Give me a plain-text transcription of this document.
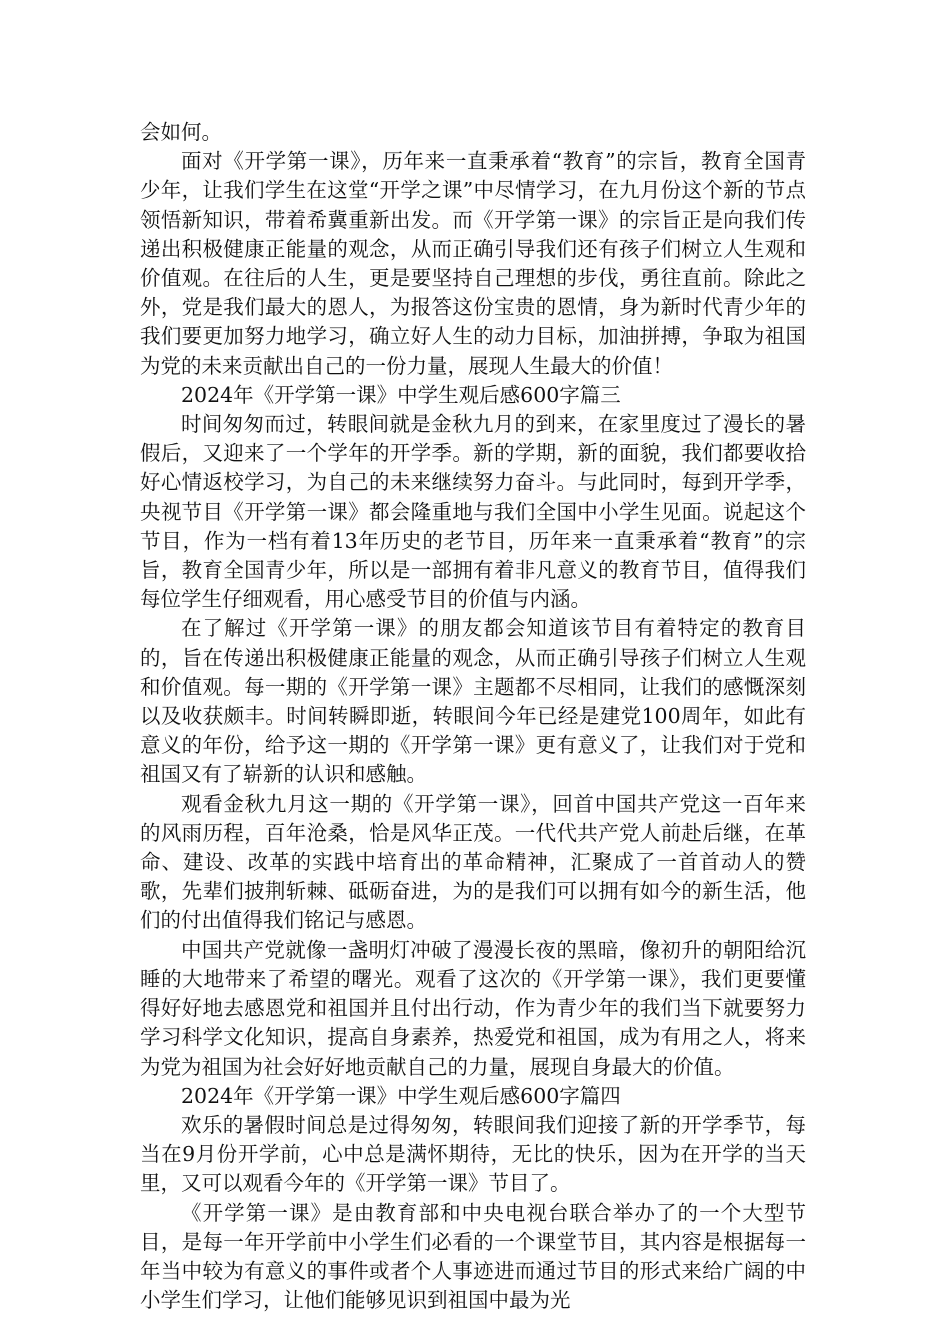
会如何。

面对《开学第一课》，历年来一直秉承着“教育”的宗旨，教育全国青少年，让我们学生在这堂“开学之课”中尽情学习，在九月份这个新的节点领悟新知识，带着希冀重新出发。而《开学第一课》的宗旨正是向我们传递出积极健康正能量的观念，从而正确引导我们还有孩子们树立人生观和价值观。在往后的人生，更是要坚持自己理想的步伐，勇往直前。除此之外，党是我们最大的恩人，为报答这份宝贵的恩情，身为新时代青少年的我们要更加努力地学习，确立好人生的动力目标，加油拼搏，争取为祖国为党的未来贡献出自己的一份力量，展现人生最大的价值！

2024年《开学第一课》中学生观后感600字篇三

时间匆匆而过，转眼间就是金秋九月的到来，在家里度过了漫长的暑假后，又迎来了一个学年的开学季。新的学期，新的面貌，我们都要收拾好心情返校学习，为自己的未来继续努力奋斗。与此同时，每到开学季，央视节目《开学第一课》都会隆重地与我们全国中小学生见面。说起这个节目，作为一档有着13年历史的老节目，历年来一直秉承着“教育”的宗旨，教育全国青少年，所以是一部拥有着非凡意义的教育节目，值得我们每位学生仔细观看，用心感受节目的价值与内涵。

在了解过《开学第一课》的朋友都会知道该节目有着特定的教育目的，旨在传递出积极健康正能量的观念，从而正确引导孩子们树立人生观和价值观。每一期的《开学第一课》主题都不尽相同，让我们的感慨深刻以及收获颇丰。时间转瞬即逝，转眼间今年已经是建党100周年，如此有意义的年份，给予这一期的《开学第一课》更有意义了，让我们对于党和祖国又有了崭新的认识和感触。

观看金秋九月这一期的《开学第一课》，回首中国共产党这一百年来的风雨历程，百年沧桑，恰是风华正茂。一代代共产党人前赴后继，在革命、建设、改革的实践中培育出的革命精神，汇聚成了一首首动人的赞歌，先辈们披荆斩棘、砥砺奋进，为的是我们可以拥有如今的新生活，他们的付出值得我们铭记与感恩。

中国共产党就像一盏明灯冲破了漫漫长夜的黑暗，像初升的朝阳给沉睡的大地带来了希望的曙光。观看了这次的《开学第一课》，我们更要懂得好好地去感恩党和祖国并且付出行动，作为青少年的我们当下就要努力学习科学文化知识，提高自身素养，热爱党和祖国，成为有用之人，将来为党为祖国为社会好好地贡献自己的力量，展现自身最大的价值。

2024年《开学第一课》中学生观后感600字篇四

欢乐的暑假时间总是过得匆匆，转眼间我们迎接了新的开学季节，每当在9月份开学前，心中总是满怀期待，无比的快乐，因为在开学的当天里，又可以观看今年的《开学第一课》节目了。

《开学第一课》是由教育部和中央电视台联合举办了的一个大型节目，是每一年开学前中小学生们必看的一个课堂节目，其内容是根据每一年当中较为有意义的事件或者个人事迹进而通过节目的形式来给广阔的中小学生们学习，让他们能够见识到祖国中最为光
